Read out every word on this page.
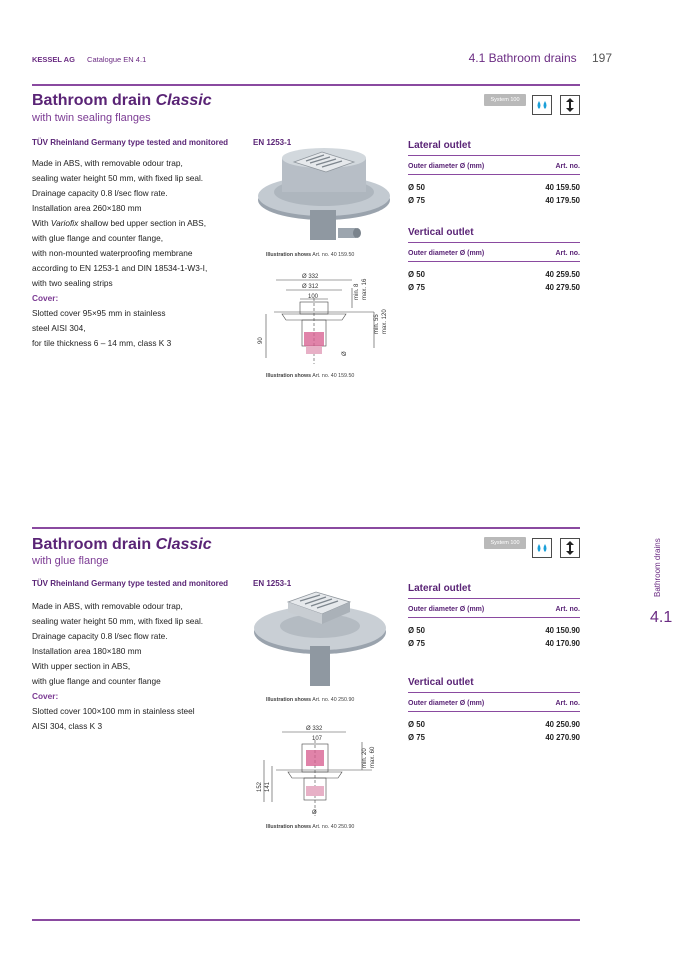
KESSEL AG Catalogue EN 4.1	4.1 Bathroom drains 197
Bathroom drain Classic
with twin sealing flanges
System 100
TÜV Rheinland Germany type tested and monitored	EN 1253-1
Made in ABS, with removable odour trap,
sealing water height 50 mm, with fixed lip seal.
Drainage capacity 0.8 l/sec flow rate.
Installation area 260×180 mm
With Variofix shallow bed upper section in ABS,
with glue flange and counter flange,
with non-mounted waterproofing membrane
according to EN 1253-1 and DIN 18534-1-W3-I,
with two sealing strips
Cover:
Slotted cover 95×95 mm in stainless
steel AISI 304,
for tile thickness 6 – 14 mm, class K 3
Illustration shows Art. no. 40 159.50
Ø 332
Ø 312
100
90
min. 8 max. 16
min. 55 max. 120
Ø
Illustration shows Art. no. 40 159.50
Lateral outlet
Outer diameter Ø (mm)	Art. no.
Ø 50	40 159.50
Ø 75	40 179.50
Vertical outlet
Outer diameter Ø (mm)	Art. no.
Ø 50	40 259.50
Ø 75	40 279.50
Bathroom drain Classic
with glue flange
System 100
TÜV Rheinland Germany type tested and monitored	EN 1253-1
Made in ABS, with removable odour trap,
sealing water height 50 mm, with fixed lip seal.
Drainage capacity 0.8 l/sec flow rate.
Installation area 180×180 mm
With upper section in ABS,
with glue flange and counter flange
Cover:
Slotted cover 100×100 mm in stainless steel
AISI 304, class K 3
Illustration shows Art. no. 40 250.90
Ø 332
107
152 141
min. 20 max. 60
Ø
Illustration shows Art. no. 40 250.90
Lateral outlet
Outer diameter Ø (mm)	Art. no.
Ø 50	40 150.90
Ø 75	40 170.90
Vertical outlet
Outer diameter Ø (mm)	Art. no.
Ø 50	40 250.90
Ø 75	40 270.90
Bathroom drains
4.1
